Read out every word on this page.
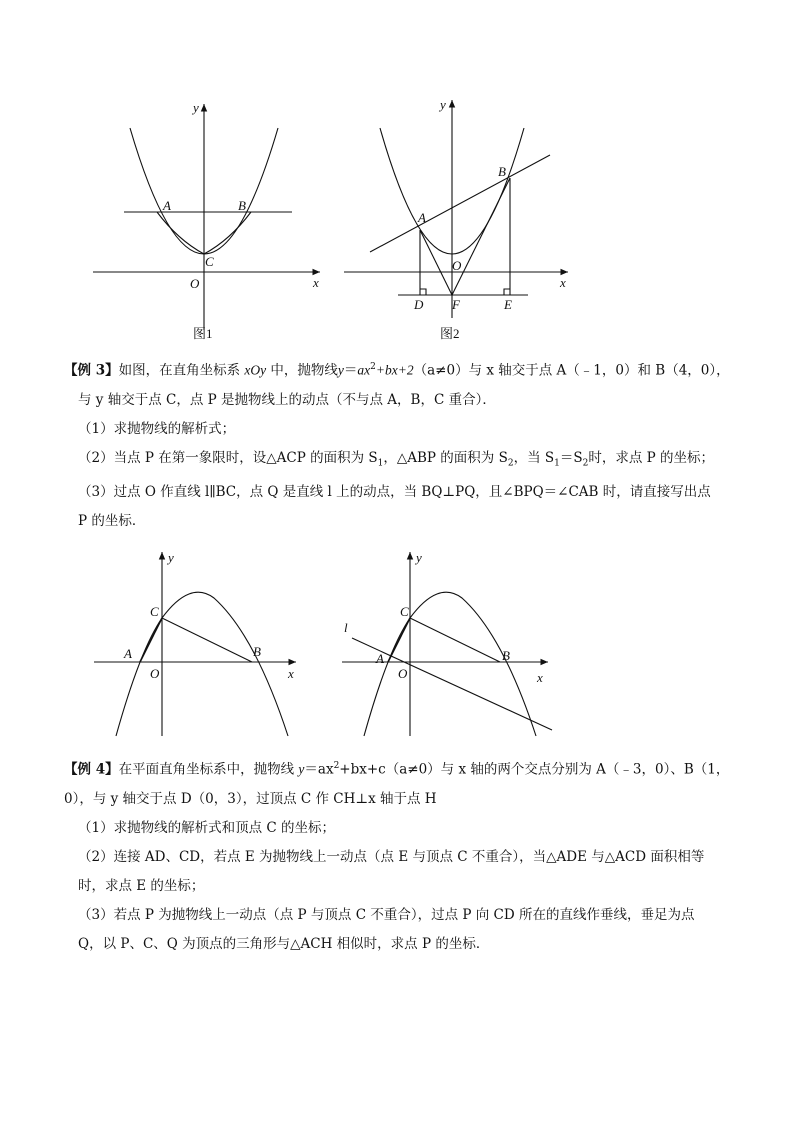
y
x
O
A	B
C
图1
y
x
O
A
B
D F	E
图2

【例 3】如图，在直角坐标系 xOy 中，抛物线$y=ax^2+bx+2(a\ne 0)$与 x 轴交于点 A（﹣1，0）和 B（4，0），

与 y 轴交于点 C，点 P 是抛物线上的动点（不与点 A，B，C 重合）．

（1）求抛物线的解析式；

（2）当点 P 在第一象限时，设△ACP 的面积为 $S_1$，△ABP 的面积为 $S_2$，当 $S_1=S_2$时，求点 P 的坐标；

（3）过点 O 作直线 l∥BC，点 Q 是直线 l 上的动点，当 BQ⊥PQ，且∠BPQ＝∠CAB 时，请直接写出点

P 的坐标．

y
x
O
A	B
C
y
x
O
A	B
C
l

【例 4】在平面直角坐标系中，抛物线 $y=ax^2+bx+c(a\ne 0)$与 x 轴的两个交点分别为 A（﹣3，0）、B（1，

0），与 y 轴交于点 D（0，3），过顶点 C 作 CH⊥x 轴于点 H

（1）求抛物线的解析式和顶点 C 的坐标；

（2）连接 AD、CD，若点 E 为抛物线上一动点（点 E 与顶点 C 不重合），当△ADE 与△ACD 面积相等

时，求点 E 的坐标；

（3）若点 P 为抛物线上一动点（点 P 与顶点 C 不重合），过点 P 向 CD 所在的直线作垂线，垂足为点

Q，以 P、C、Q 为顶点的三角形与△ACH 相似时，求点 P 的坐标．
